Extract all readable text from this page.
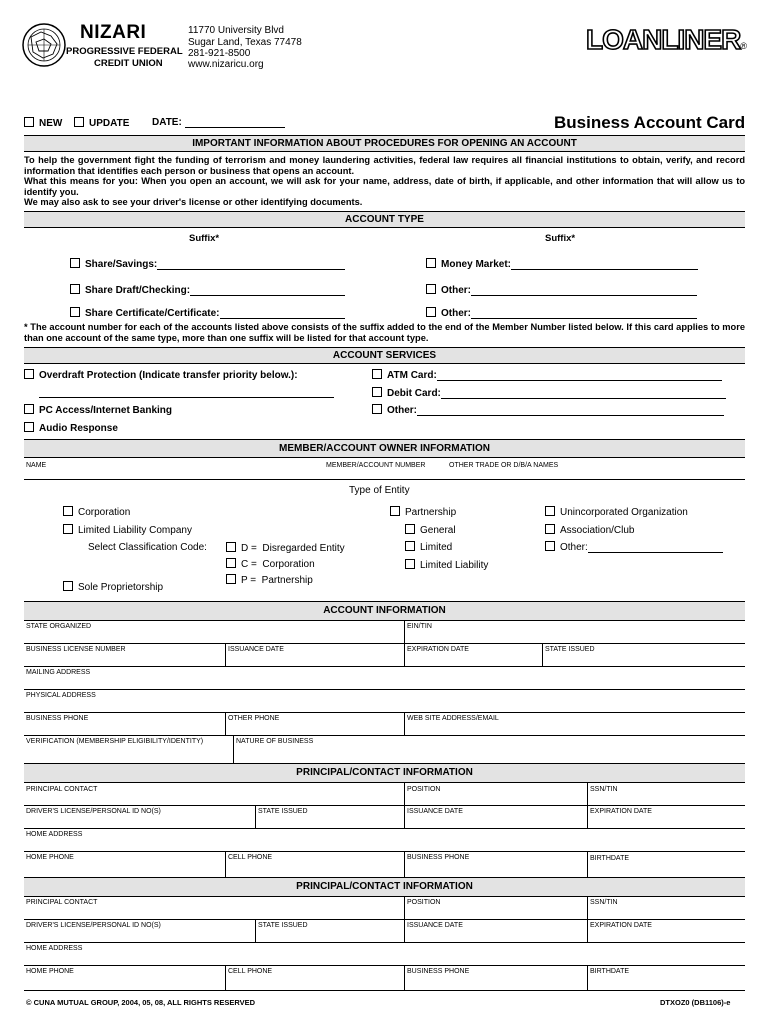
NIZARI
PROGRESSIVE FEDERAL
CREDIT UNION
11770 University Blvd
Sugar Land, Texas 77478
281-921-8500
www.nizaricu.org
LOANLINER®
NEW	UPDATE DATE:	Business Account Card
IMPORTANT INFORMATION ABOUT PROCEDURES FOR OPENING AN ACCOUNT
To help the government fight the funding of terrorism and money laundering activities, federal law requires all financial institutions to obtain, verify, and record information that identifies each person or business that opens an account.
What this means for you: When you open an account, we will ask for your name, address, date of birth, if applicable, and other information that will allow us to identify you.
We may also ask to see your driver's license or other identifying documents.
ACCOUNT TYPE
Suffix*	Suffix*
Share/Savings:
Share Draft/Checking:
Share Certificate/Certificate:
Money Market:
Other:
Other:
* The account number for each of the accounts listed above consists of the suffix added to the end of the Member Number listed below. If this card applies to more than one account of the same type, more than one suffix will be listed for that account type.
ACCOUNT SERVICES
Overdraft Protection (Indicate transfer priority below.):
PC Access/Internet Banking
Audio Response
ATM Card:
Debit Card:
Other:
MEMBER/ACCOUNT OWNER INFORMATION
NAME	MEMBER/ACCOUNT NUMBER	OTHER TRADE OR D/B/A NAMES
Type of Entity
Corporation
Limited Liability Company
Select Classification Code:	D = Disregarded Entity
C = Corporation
P = Partnership
Sole Proprietorship
Partnership
General
Limited
Limited Liability
Unincorporated Organization
Association/Club
Other:
ACCOUNT INFORMATION
STATE ORGANIZED	EIN/TIN
BUSINESS LICENSE NUMBER	ISSUANCE DATE	EXPIRATION DATE	STATE ISSUED
MAILING ADDRESS
PHYSICAL ADDRESS
BUSINESS PHONE	OTHER PHONE	WEB SITE ADDRESS/EMAIL
VERIFICATION (MEMBERSHIP ELIGIBILITY/IDENTITY)	NATURE OF BUSINESS
PRINCIPAL/CONTACT INFORMATION
PRINCIPAL CONTACT	POSITION	SSN/TIN
DRIVER'S LICENSE/PERSONAL ID NO(S)	STATE ISSUED	ISSUANCE DATE	EXPIRATION DATE
HOME ADDRESS
HOME PHONE	CELL PHONE	BUSINESS PHONE	BIRTHDATE
PRINCIPAL/CONTACT INFORMATION
PRINCIPAL CONTACT	POSITION	SSN/TIN
DRIVER'S LICENSE/PERSONAL ID NO(S)	STATE ISSUED	ISSUANCE DATE	EXPIRATION DATE
HOME ADDRESS
HOME PHONE	CELL PHONE	BUSINESS PHONE	BIRTHDATE
© CUNA MUTUAL GROUP, 2004, 05, 08, ALL RIGHTS RESERVED	DTXOZ0 (DB1106)-e
